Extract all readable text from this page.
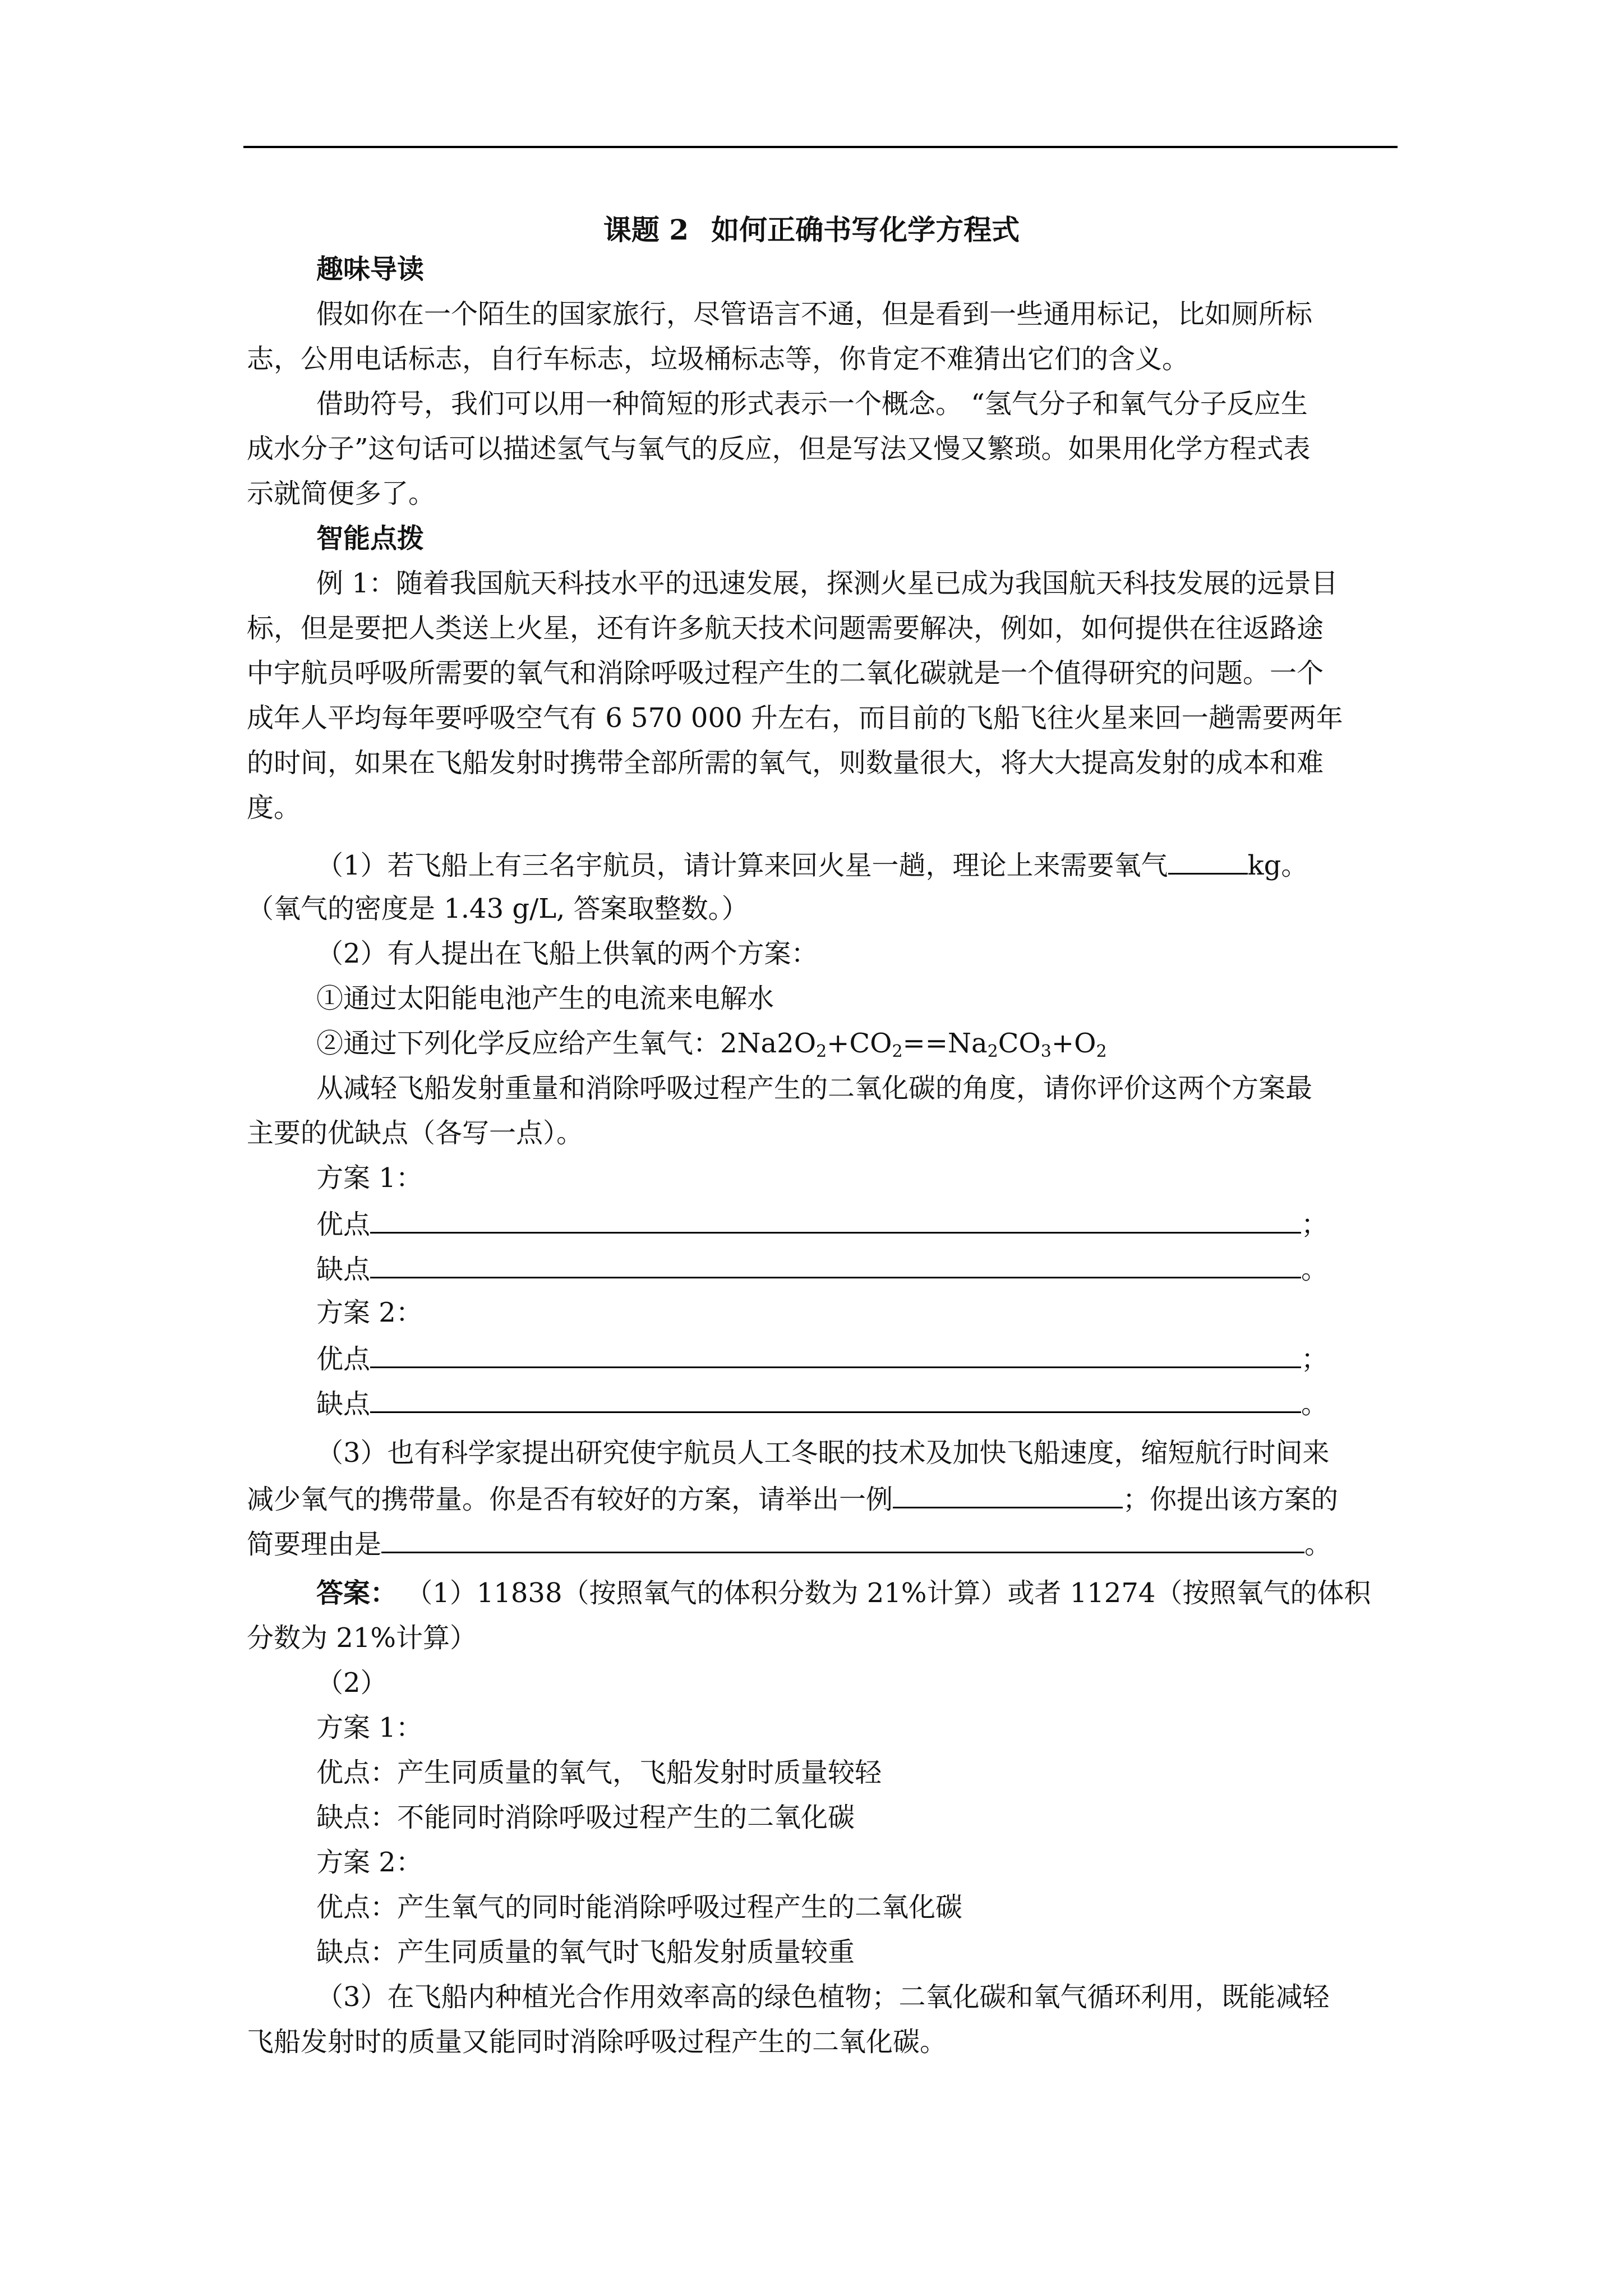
课题 2 如何正确书写化学方程式
趣味导读
假如你在一个陌生的国家旅行，尽管语言不通，但是看到一些通用标记，比如厕所标
志，公用电话标志，自行车标志，垃圾桶标志等，你肯定不难猜出它们的含义。
借助符号，我们可以用一种简短的形式表示一个概念。 “氢气分子和氧气分子反应生
成水分子”这句话可以描述氢气与氧气的反应，但是写法又慢又繁琐。如果用化学方程式表
示就简便多了。
智能点拨
例 1：随着我国航天科技水平的迅速发展，探测火星已成为我国航天科技发展的远景目
标，但是要把人类送上火星，还有许多航天技术问题需要解决，例如，如何提供在往返路途
中宇航员呼吸所需要的氧气和消除呼吸过程产生的二氧化碳就是一个值得研究的问题。一个
成年人平均每年要呼吸空气有 6 570 000 升左右，而目前的飞船飞往火星来回一趟需要两年
的时间，如果在飞船发射时携带全部所需的氧气，则数量很大，将大大提高发射的成本和难
度。
（1）若飞船上有三名宇航员，请计算来回火星一趟，理论上来需要氧气	kg。
（氧气的密度是 1.43 g/L, 答案取整数。）
（2）有人提出在飞船上供氧的两个方案：
①通过太阳能电池产生的电流来电解水
②通过下列化学反应给产生氧气：$2Na2O_2+CO_2==Na_2CO_3+O_2$
从减轻飞船发射重量和消除呼吸过程产生的二氧化碳的角度，请你评价这两个方案最
主要的优缺点（各写一点）。
方案 1：
优点	；
缺点	。
方案 2：
优点	；
缺点	。
（3）也有科学家提出研究使宇航员人工冬眠的技术及加快飞船速度，缩短航行时间来
减少氧气的携带量。你是否有较好的方案，请举出一例	；你提出该方案的
简要理由是	。
答案： （1）11838（按照氧气的体积分数为 21%计算）或者 11274（按照氧气的体积
分数为 21%计算）
（2）
方案 1：
优点：产生同质量的氧气，飞船发射时质量较轻
缺点：不能同时消除呼吸过程产生的二氧化碳
方案 2：
优点：产生氧气的同时能消除呼吸过程产生的二氧化碳
缺点：产生同质量的氧气时飞船发射质量较重
（3）在飞船内种植光合作用效率高的绿色植物；二氧化碳和氧气循环利用，既能减轻
飞船发射时的质量又能同时消除呼吸过程产生的二氧化碳。
